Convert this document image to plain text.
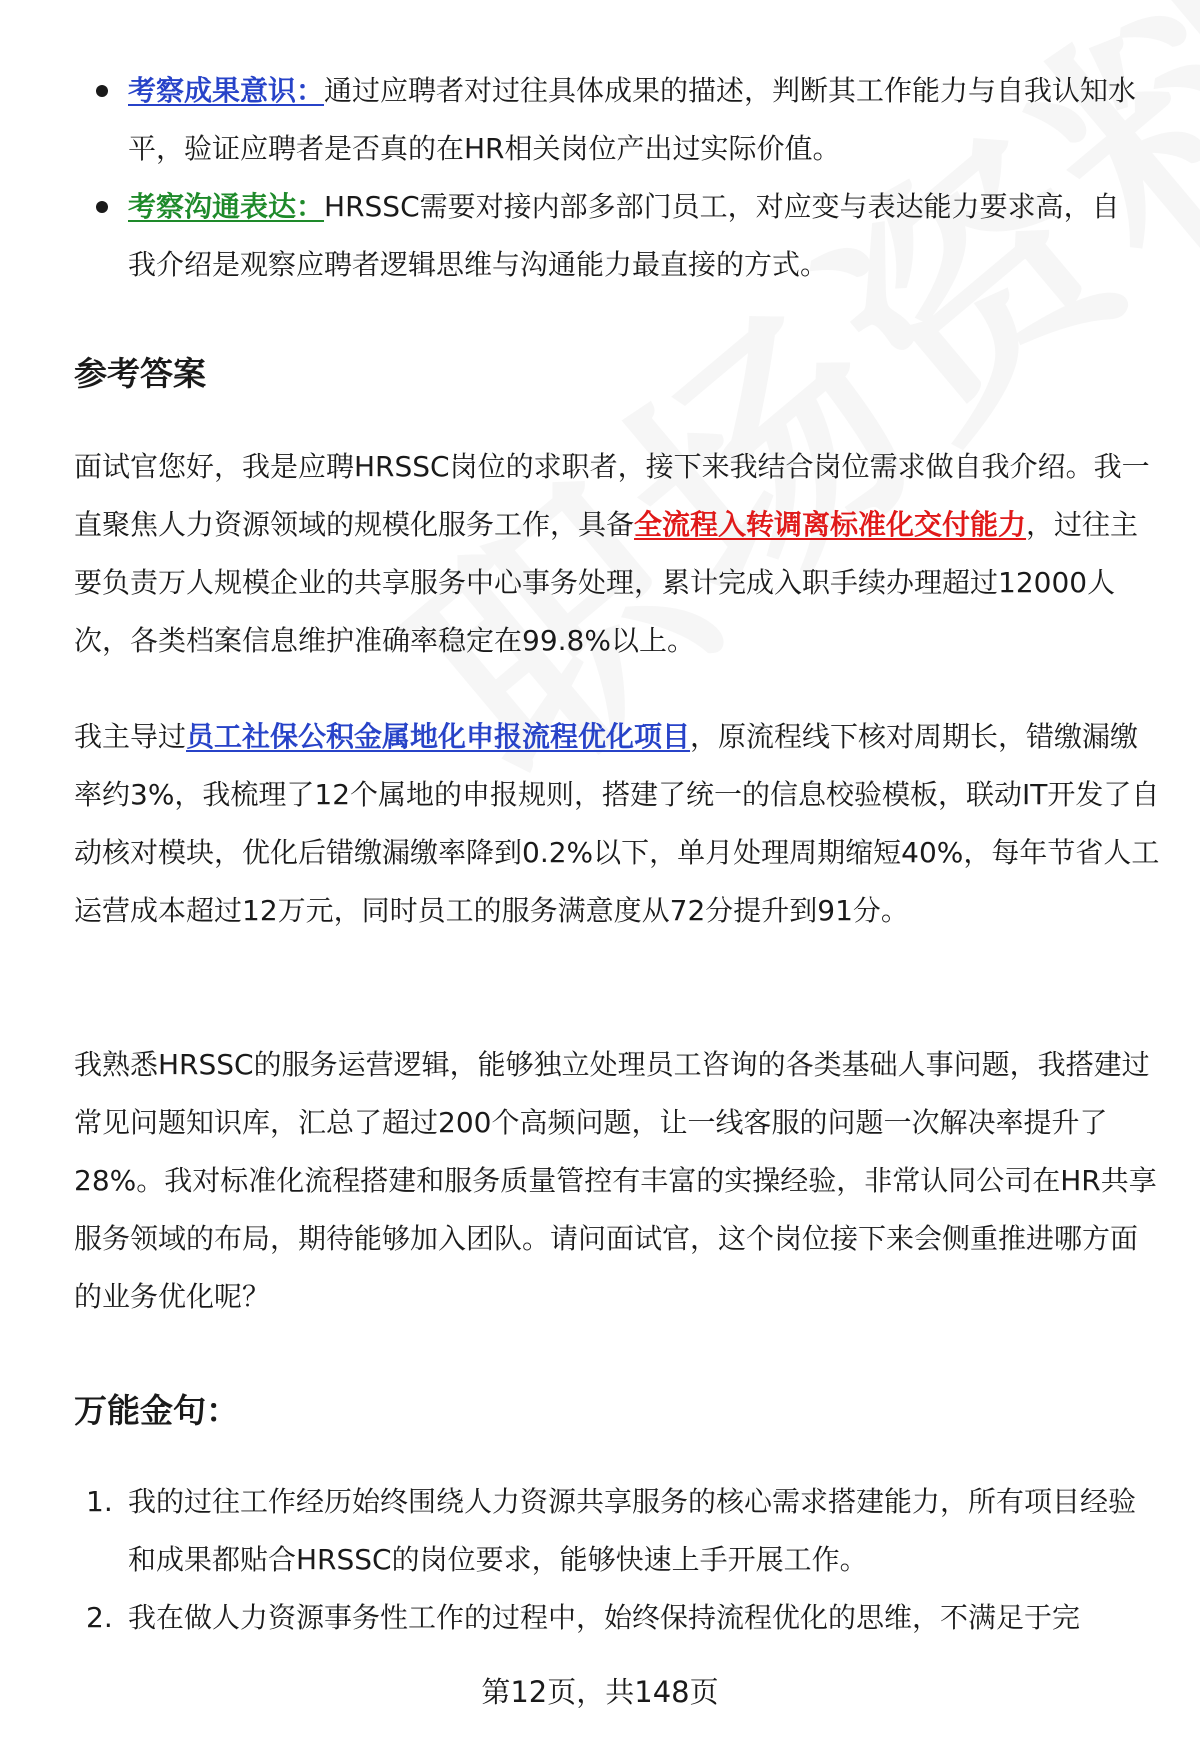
考察成果意识：通过应聘者对过往具体成果的描述，判断其工作能力与自我认知水平，验证应聘者是否真的在HR相关岗位产出过实际价值。
考察沟通表达：HRSSC需要对接内部多部门员工，对应变与表达能力要求高，自我介绍是观察应聘者逻辑思维与沟通能力最直接的方式。
参考答案

面试官您好，我是应聘HRSSC岗位的求职者，接下来我结合岗位需求做自我介绍。我一直聚焦人力资源领域的规模化服务工作，具备全流程入转调离标准化交付能力，过往主要负责万人规模企业的共享服务中心事务处理，累计完成入职手续办理超过12000人次，各类档案信息维护准确率稳定在99.8%以上。

我主导过员工社保公积金属地化申报流程优化项目，原流程线下核对周期长，错缴漏缴率约3%，我梳理了12个属地的申报规则，搭建了统一的信息校验模板，联动IT开发了自动核对模块，优化后错缴漏缴率降到0.2%以下，单月处理周期缩短40%，每年节省人工运营成本超过12万元，同时员工的服务满意度从72分提升到91分。

我熟悉HRSSC的服务运营逻辑，能够独立处理员工咨询的各类基础人事问题，我搭建过常见问题知识库，汇总了超过200个高频问题，让一线客服的问题一次解决率提升了28%。我对标准化流程搭建和服务质量管控有丰富的实操经验，非常认同公司在HR共享服务领域的布局，期待能够加入团队。请问面试官，这个岗位接下来会侧重推进哪方面的业务优化呢？

万能金句：
1. 我的过往工作经历始终围绕人力资源共享服务的核心需求搭建能力，所有项目经验和成果都贴合HRSSC的岗位要求，能够快速上手开展工作。
2. 我在做人力资源事务性工作的过程中，始终保持流程优化的思维，不满足于完
第12页，共148页
